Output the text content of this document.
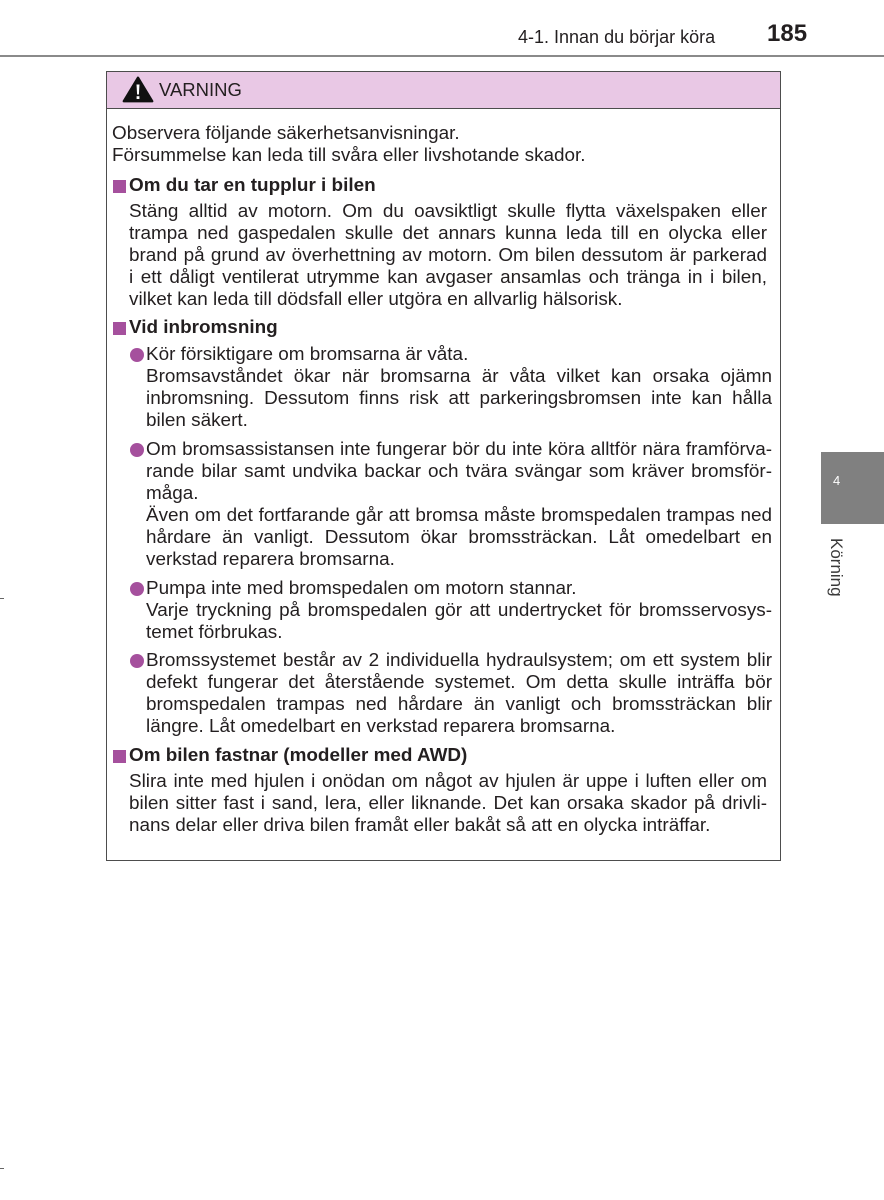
4-1. Innan du börjar köra 185
VARNING
Observera följande säkerhetsanvisningar.
Försummelse kan leda till svåra eller livshotande skador.
Om du tar en tupplur i bilen
Stäng alltid av motorn. Om du oavsiktligt skulle flytta växelspaken eller
trampa ned gaspedalen skulle det annars kunna leda till en olycka eller
brand på grund av överhettning av motorn. Om bilen dessutom är parkerad
i ett dåligt ventilerat utrymme kan avgaser ansamlas och tränga in i bilen,
vilket kan leda till dödsfall eller utgöra en allvarlig hälsorisk.
Vid inbromsning
Kör försiktigare om bromsarna är våta.
Bromsavståndet ökar när bromsarna är våta vilket kan orsaka ojämn
inbromsning. Dessutom finns risk att parkeringsbromsen inte kan hålla
bilen säkert.
Om bromsassistansen inte fungerar bör du inte köra alltför nära framförva-
rande bilar samt undvika backar och tvära svängar som kräver bromsför-
måga.
Även om det fortfarande går att bromsa måste bromspedalen trampas ned
hårdare än vanligt. Dessutom ökar bromssträckan. Låt omedelbart en
verkstad reparera bromsarna.
Pumpa inte med bromspedalen om motorn stannar.
Varje tryckning på bromspedalen gör att undertrycket för bromsservosys-
temet förbrukas.
Bromssystemet består av 2 individuella hydraulsystem; om ett system blir
defekt fungerar det återstående systemet. Om detta skulle inträffa bör
bromspedalen trampas ned hårdare än vanligt och bromssträckan blir
längre. Låt omedelbart en verkstad reparera bromsarna.
Om bilen fastnar (modeller med AWD)
Slira inte med hjulen i onödan om något av hjulen är uppe i luften eller om
bilen sitter fast i sand, lera, eller liknande. Det kan orsaka skador på drivli-
nans delar eller driva bilen framåt eller bakåt så att en olycka inträffar.
4
Körning
